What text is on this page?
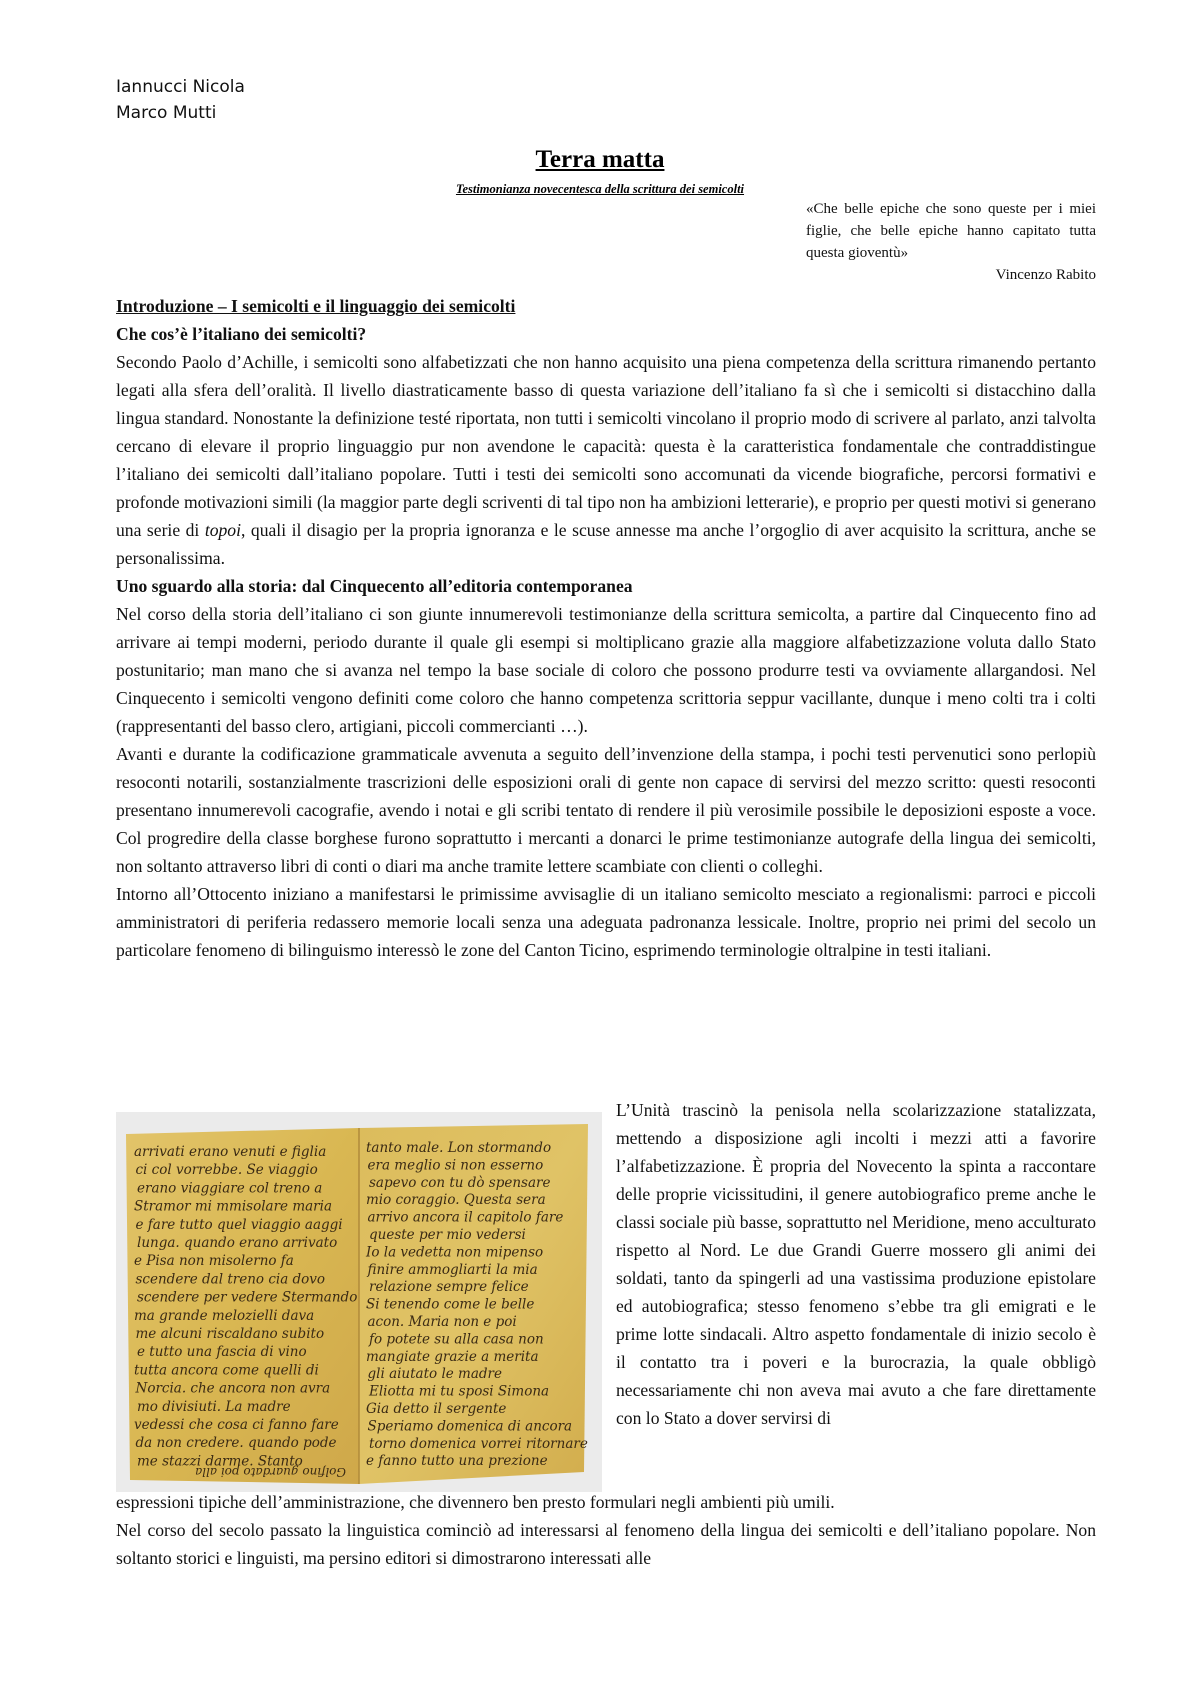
Iannucci Nicola
Marco Mutti
Terra matta
Testimonianza novecentesca della scrittura dei semicolti
«Che belle epiche che sono queste per i miei figlie, che belle epiche hanno capitato tutta questa gioventù»
Vincenzo Rabito

Introduzione – I semicolti e il linguaggio dei semicolti

Che cos’è l’italiano dei semicolti?

Secondo Paolo d’Achille, i semicolti sono alfabetizzati che non hanno acquisito una piena competenza della scrittura rimanendo pertanto legati alla sfera dell’oralità. Il livello diastraticamente basso di questa variazione dell’italiano fa sì che i semicolti si distacchino dalla lingua standard. Nonostante la definizione testé riportata, non tutti i semicolti vincolano il proprio modo di scrivere al parlato, anzi talvolta cercano di elevare il proprio linguaggio pur non avendone le capacità: questa è la caratteristica fondamentale che contraddistingue l’italiano dei semicolti dall’italiano popolare. Tutti i testi dei semicolti sono accomunati da vicende biografiche, percorsi formativi e profonde motivazioni simili (la maggior parte degli scriventi di tal tipo non ha ambizioni letterarie), e proprio per questi motivi si generano una serie di topoi, quali il disagio per la propria ignoranza e le scuse annesse ma anche l’orgoglio di aver acquisito la scrittura, anche se personalissima.

Uno sguardo alla storia: dal Cinquecento all’editoria contemporanea

Nel corso della storia dell’italiano ci son giunte innumerevoli testimonianze della scrittura semicolta, a partire dal Cinquecento fino ad arrivare ai tempi moderni, periodo durante il quale gli esempi si moltiplicano grazie alla maggiore alfabetizzazione voluta dallo Stato postunitario; man mano che si avanza nel tempo la base sociale di coloro che possono produrre testi va ovviamente allargandosi. Nel Cinquecento i semicolti vengono definiti come coloro che hanno competenza scrittoria seppur vacillante, dunque i meno colti tra i colti (rappresentanti del basso clero, artigiani, piccoli commercianti …).

Avanti e durante la codificazione grammaticale avvenuta a seguito dell’invenzione della stampa, i pochi testi pervenutici sono perlopiù resoconti notarili, sostanzialmente trascrizioni delle esposizioni orali di gente non capace di servirsi del mezzo scritto: questi resoconti presentano innumerevoli cacografie, avendo i notai e gli scribi tentato di rendere il più verosimile possibile le deposizioni esposte a voce. Col progredire della classe borghese furono soprattutto i mercanti a donarci le prime testimonianze autografe della lingua dei semicolti, non soltanto attraverso libri di conti o diari ma anche tramite lettere scambiate con clienti o colleghi.

Intorno all’Ottocento iniziano a manifestarsi le primissime avvisaglie di un italiano semicolto mesciato a regionalismi: parroci e piccoli amministratori di periferia redassero memorie locali senza una adeguata padronanza lessicale. Inoltre, proprio nei primi del secolo un particolare fenomeno di bilinguismo interessò le zone del Canton Ticino, esprimendo terminologie oltralpine in testi italiani.

arrivati erano venuti e figlia
ci col vorrebbe. Se viaggio
erano viaggiare col treno a
Stramor mi mmisolare maria
e fare tutto quel viaggio aaggi
lunga. quando erano arrivato
e Pisa non misolerno fa
scendere dal treno cia dovo
scendere per vedere Stermando
ma grande melozielli dava
me alcuni riscaldano subito
e tutto una fascia di vino
tutta ancora come quelli di
Norcia. che ancora non avra
mo divisiuti. La madre
vedessi che cosa ci fanno fare
da non credere. quando pode
me stazzi darme. Stanto
tanto male. Lon stormando
era meglio si non esserno
sapevo con tu dò spensare
mio coraggio. Questa sera
arrivo ancora il capitolo fare
queste per mio vedersi
Io la vedetta non mipenso
finire ammogliarti la mia
relazione sempre felice
Si tenendo come le belle
acon. Maria non e poi
fo potete su alla casa non
mangiate grazie a merita
gli aiutato le madre
Eliotta mi tu sposi Simona
Gia detto il sergente
Speriamo domenica di ancora
torno domenica vorrei ritornare
e fanno tutto una prezione
Golfino guardato poi alla

L’Unità trascinò la penisola nella scolarizzazione statalizzata, mettendo a disposizione agli incolti i mezzi atti a favorire l’alfabetizzazione. È propria del Novecento la spinta a raccontare delle proprie vicissitudini, il genere autobiografico preme anche le classi sociale più basse, soprattutto nel Meridione, meno acculturato rispetto al Nord. Le due Grandi Guerre mossero gli animi dei soldati, tanto da spingerli ad una vastissima produzione epistolare ed autobiografica; stesso fenomeno s’ebbe tra gli emigrati e le prime lotte sindacali. Altro aspetto fondamentale di inizio secolo è il contatto tra i poveri e la burocrazia, la quale obbligò necessariamente chi non aveva mai avuto a che fare direttamente con lo Stato a dover servirsi di

espressioni tipiche dell’amministrazione, che divennero ben presto formulari negli ambienti più umili.

Nel corso del secolo passato la linguistica cominciò ad interessarsi al fenomeno della lingua dei semicolti e dell’italiano popolare. Non soltanto storici e linguisti, ma persino editori si dimostrarono interessati alle
